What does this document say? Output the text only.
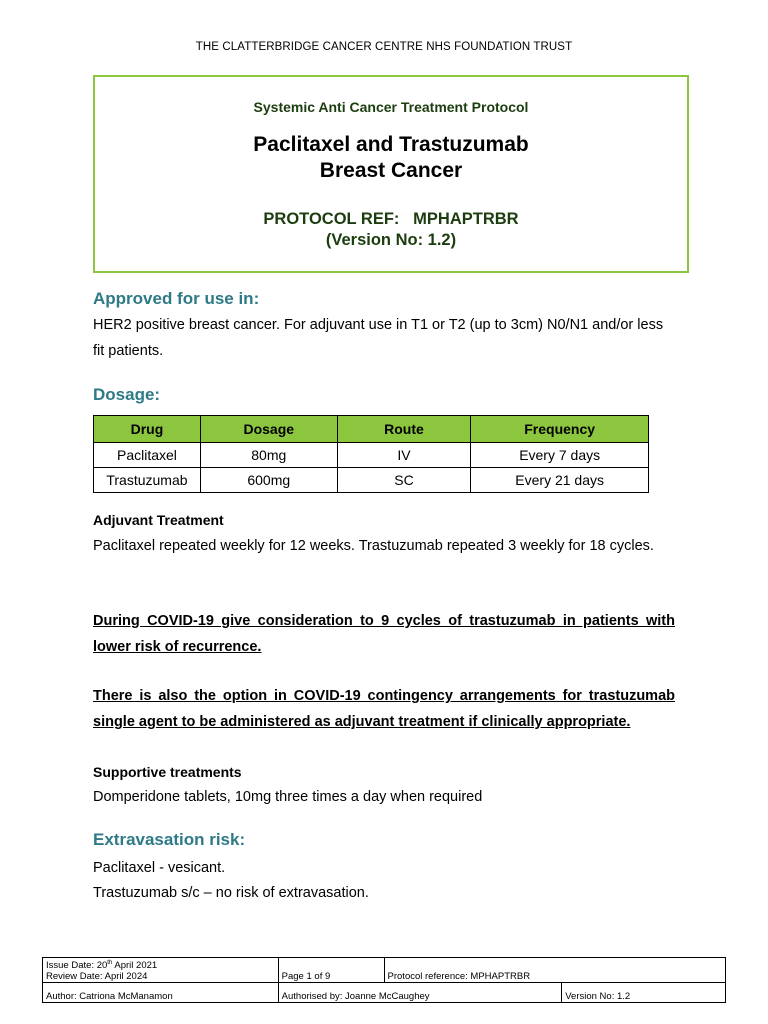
THE CLATTERBRIDGE CANCER CENTRE NHS FOUNDATION TRUST
Systemic Anti Cancer Treatment Protocol
Paclitaxel and Trastuzumab
Breast Cancer
PROTOCOL REF:   MPHAPTRBR
(Version No: 1.2)
Approved for use in:
HER2 positive breast cancer. For adjuvant use in T1 or T2 (up to 3cm) N0/N1 and/or less fit patients.
Dosage:
Drug	Dosage	Route	Frequency
Paclitaxel	80mg	IV	Every 7 days
Trastuzumab	600mg	SC	Every 21 days
Adjuvant Treatment
Paclitaxel repeated weekly for 12 weeks. Trastuzumab repeated 3 weekly for 18 cycles.
During COVID-19 give consideration to 9 cycles of trastuzumab in patients with lower risk of recurrence.
There is also the option in COVID-19 contingency arrangements for trastuzumab single agent to be administered as adjuvant treatment if clinically appropriate.
Supportive treatments
Domperidone tablets, 10mg three times a day when required
Extravasation risk:
Paclitaxel - vesicant.
Trastuzumab s/c – no risk of extravasation.
Issue Date: 20th April 2021
Review Date: April 2024	Page 1 of 9	Protocol reference: MPHAPTRBR	
Author: Catriona McManamon	Authorised by: Joanne McCaughey		Version No: 1.2
